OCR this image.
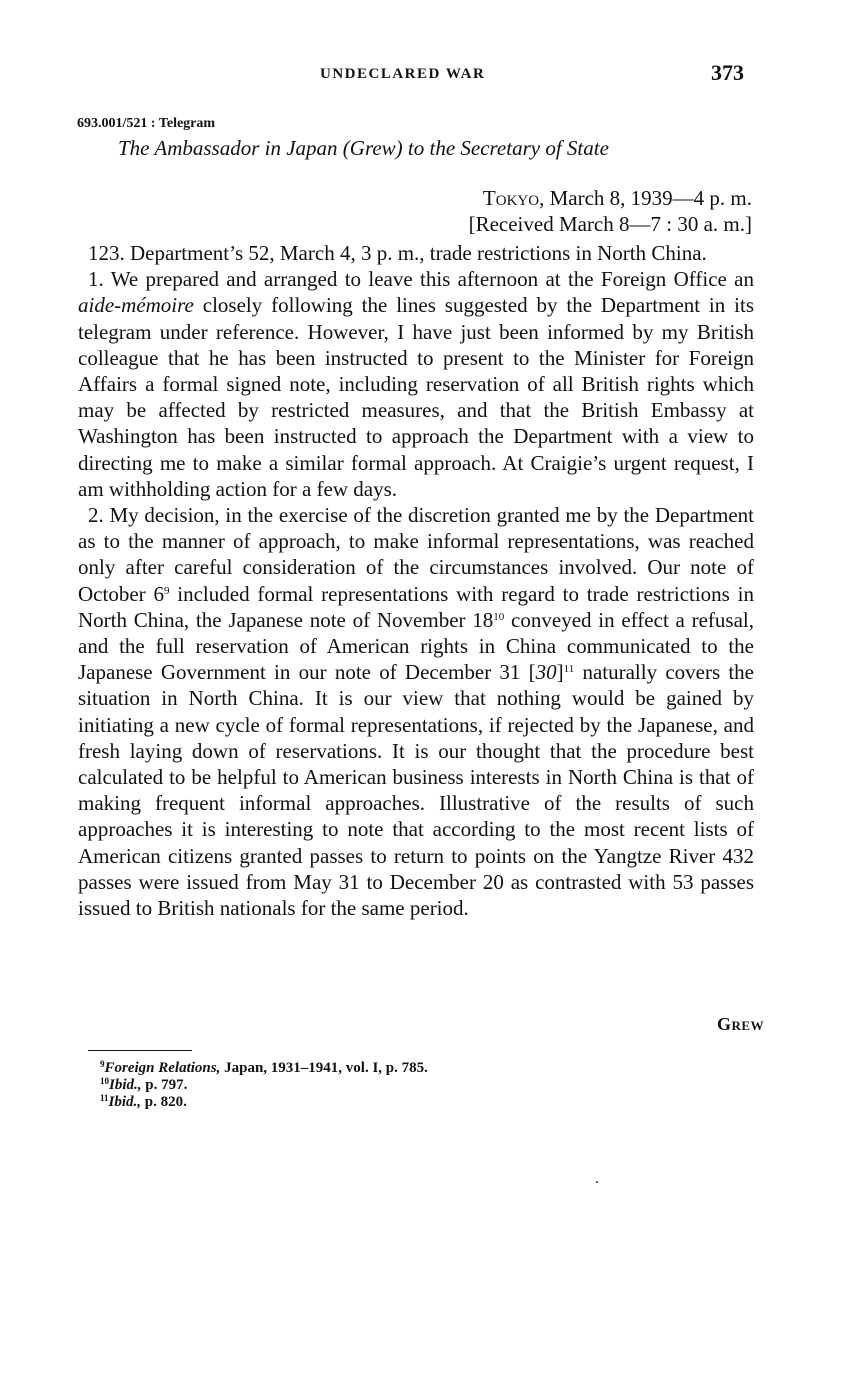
UNDECLARED WAR	373
693.001/521 : Telegram
The Ambassador in Japan (Grew) to the Secretary of State
Tokyo, March 8, 1939—4 p. m.
[Received March 8—7 : 30 a. m.]

123. Department’s 52, March 4, 3 p. m., trade restrictions in North China.

1. We prepared and arranged to leave this afternoon at the Foreign Office an aide-mémoire closely following the lines suggested by the Department in its telegram under reference. However, I have just been informed by my British colleague that he has been instructed to present to the Minister for Foreign Affairs a formal signed note, including reservation of all British rights which may be affected by restricted measures, and that the British Embassy at Washington has been instructed to approach the Department with a view to directing me to make a similar formal approach. At Craigie’s urgent request, I am withholding action for a few days.

2. My decision, in the exercise of the discretion granted me by the Department as to the manner of approach, to make informal representations, was reached only after careful consideration of the circumstances involved. Our note of October $6^9$ included formal representations with regard to trade restrictions in North China, the Japanese note of November $18^{10}$ conveyed in effect a refusal, and the full reservation of American rights in China communicated to the Japanese Government in our note of December 31 $[30]^{11}$ naturally covers the situation in North China. It is our view that nothing would be gained by initiating a new cycle of formal representations, if rejected by the Japanese, and fresh laying down of reservations. It is our thought that the procedure best calculated to be helpful to American business interests in North China is that of making frequent informal approaches. Illustrative of the results of such approaches it is interesting to note that according to the most recent lists of American citizens granted passes to return to points on the Yangtze River 432 passes were issued from May 31 to December 20 as contrasted with 53 passes issued to British nationals for the same period.

Grew
$^9$Foreign Relations, Japan, 1931–1941, vol. I, p. 785.
$^{10}$Ibid., p. 797.
$^{11}$Ibid., p. 820.
